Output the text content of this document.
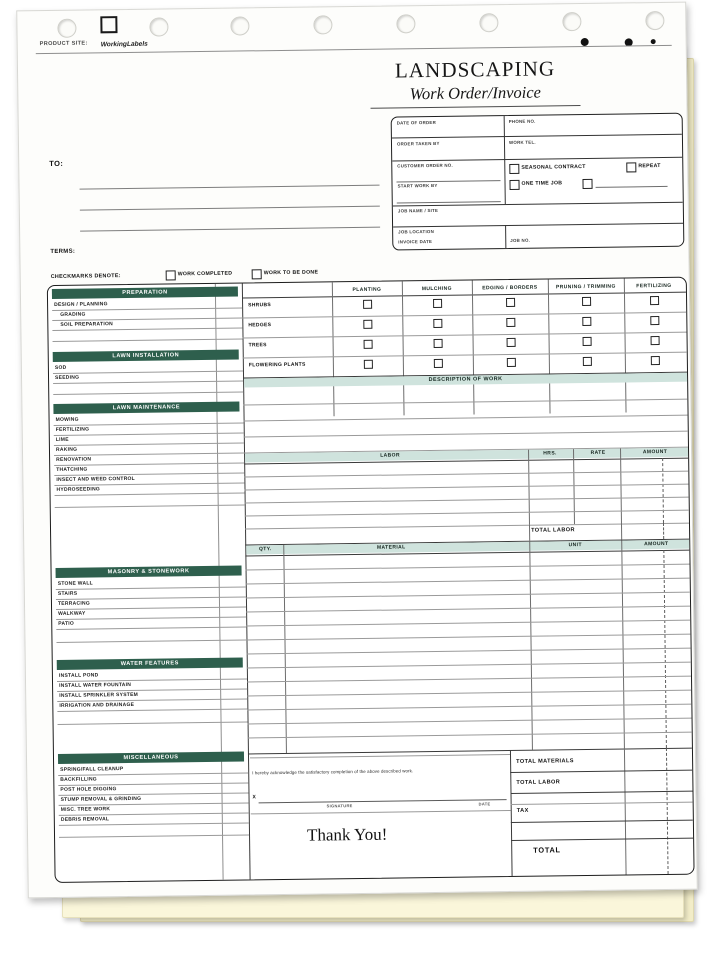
PRODUCT SITE: WorkingLabels
LANDSCAPING
Work Order/Invoice
TO:
DATE OF ORDER	PHONE NO.
ORDER TAKEN BY	WORK TEL.
CUSTOMER ORDER NO.
START WORK BY
JOB NAME / SITE
JOB LOCATION
INVOICE DATE	JOB NO.
SEASONAL CONTRACT	REPEAT
ONE TIME JOB
TERMS:
CHECKMARKS DENOTE:	WORK COMPLETED	WORK TO BE DONE
PREPARATION
DESIGN / PLANNING
GRADING
SOIL PREPARATION
LAWN INSTALLATION
SOD
SEEDING
LAWN MAINTENANCE
MOWING
FERTILIZING
LIME
RAKING
RENOVATION
THATCHING
INSECT AND WEED CONTROL
HYDROSEEDING
MASONRY & STONEWORK
STONE WALL
STAIRS
TERRACING
WALKWAY
PATIO
WATER FEATURES
INSTALL POND
INSTALL WATER FOUNTAIN
INSTALL SPRINKLER SYSTEM
IRRIGATION AND DRAINAGE
MISCELLANEOUS
SPRING/FALL CLEANUP
BACKFILLING
POST HOLE DIGGING
STUMP REMOVAL & GRINDING
MISC. TREE WORK
DEBRIS REMOVAL
PLANTING	MULCHING	EDGING / BORDERS	PRUNING / TRIMMING	FERTILIZING
SHRUBS
HEDGES
TREES
FLOWERING PLANTS
DESCRIPTION OF WORK
LABOR	HRS.	RATE	AMOUNT
TOTAL LABOR
QTY.	MATERIAL	UNIT	AMOUNT
I hereby acknowledge the satisfactory completion of the above described work.
X
SIGNATURE	DATE
Thank You!
TOTAL MATERIALS
TOTAL LABOR
TAX
TOTAL
